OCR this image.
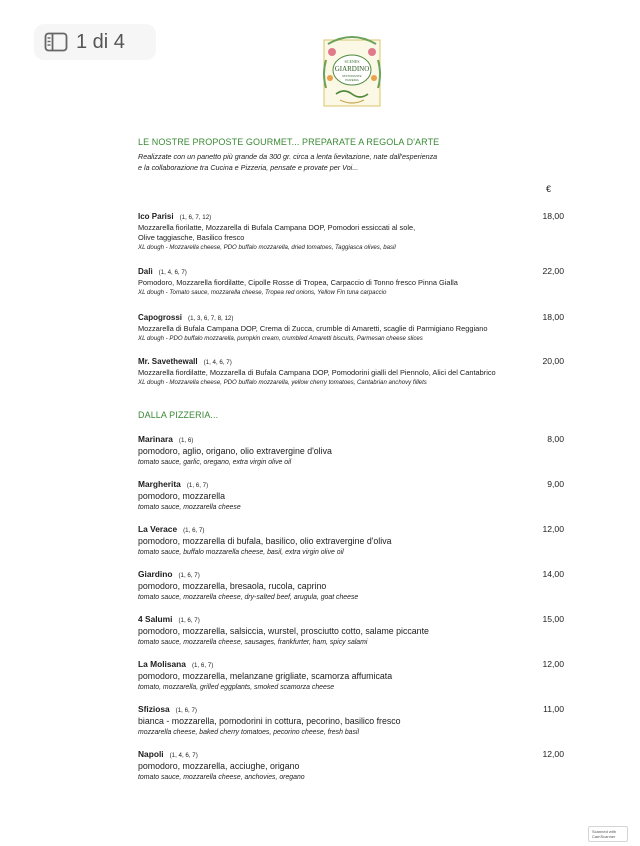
1 di 4
SCENES
GIARDINO
RISTORANTE
PIZZERIA
LE NOSTRE PROPOSTE GOURMET... PREPARATE A REGOLA D'ARTE
Realizzate con un panetto più grande da 300 gr. circa a lenta lievitazione, nate dall'esperienza
e la collaborazione tra Cucina e Pizzeria, pensate e provate per Voi...
€
Ico Parisi (1, 6, 7, 12)
Mozzarella fiorilatte, Mozzarella di Bufala Campana DOP, Pomodori essiccati al sole,
Olive taggiasche, Basilico fresco
XL dough - Mozzarella cheese, PDO buffalo mozzarella, dried tomatoes, Taggiasca olives, basil
18,00
Dalì (1, 4, 6, 7)
Pomodoro, Mozzarella fiordilatte, Cipolle Rosse di Tropea, Carpaccio di Tonno fresco Pinna Gialla
XL dough - Tomato sauce, mozzarella cheese, Tropea red onions, Yellow Fin tuna carpaccio
22,00
Capogrossi (1, 3, 6, 7, 8, 12)
Mozzarella di Bufala Campana DOP, Crema di Zucca, crumble di Amaretti, scaglie di Parmigiano Reggiano
XL dough - PDO buffalo mozzarella, pumpkin cream, crumbled Amaretti biscuits, Parmesan cheese slices
18,00
Mr. Savethewall (1, 4, 6, 7)
Mozzarella fiordilatte, Mozzarella di Bufala Campana DOP, Pomodorini gialli del Piennolo, Alici del Cantabrico
XL dough - Mozzarella cheese, PDO buffalo mozzarella, yellow cherry tomatoes, Cantabrian anchovy fillets
20,00
DALLA PIZZERIA...
Marinara (1, 6)
pomodoro, aglio, origano, olio extravergine d'oliva
tomato sauce, garlic, oregano, extra virgin olive oil
8,00
Margherita (1, 6, 7)
pomodoro, mozzarella
tomato sauce, mozzarella cheese
9,00
La Verace (1, 6, 7)
pomodoro, mozzarella di bufala, basilico, olio extravergine d'oliva
tomato sauce, buffalo mozzarella cheese, basil, extra virgin olive oil
12,00
Giardino (1, 6, 7)
pomodoro, mozzarella, bresaola, rucola, caprino
tomato sauce, mozzarella cheese, dry-salted beef, arugula, goat cheese
14,00
4 Salumi (1, 6, 7)
pomodoro, mozzarella, salsiccia, wurstel, prosciutto cotto, salame piccante
tomato sauce, mozzarella cheese, sausages, frankfurter, ham, spicy salami
15,00
La Molisana (1, 6, 7)
pomodoro, mozzarella, melanzane grigliate, scamorza affumicata
tomato, mozzarella, grilled eggplants, smoked scamorza cheese
12,00
Sfiziosa (1, 6, 7)
bianca - mozzarella, pomodorini in cottura, pecorino, basilico fresco
mozzarella cheese, baked cherry tomatoes, pecorino cheese, fresh basil
11,00
Napoli (1, 4, 6, 7)
pomodoro, mozzarella, acciughe, origano
tomato sauce, mozzarella cheese, anchovies, oregano
12,00
Scanned with
CamScanner
